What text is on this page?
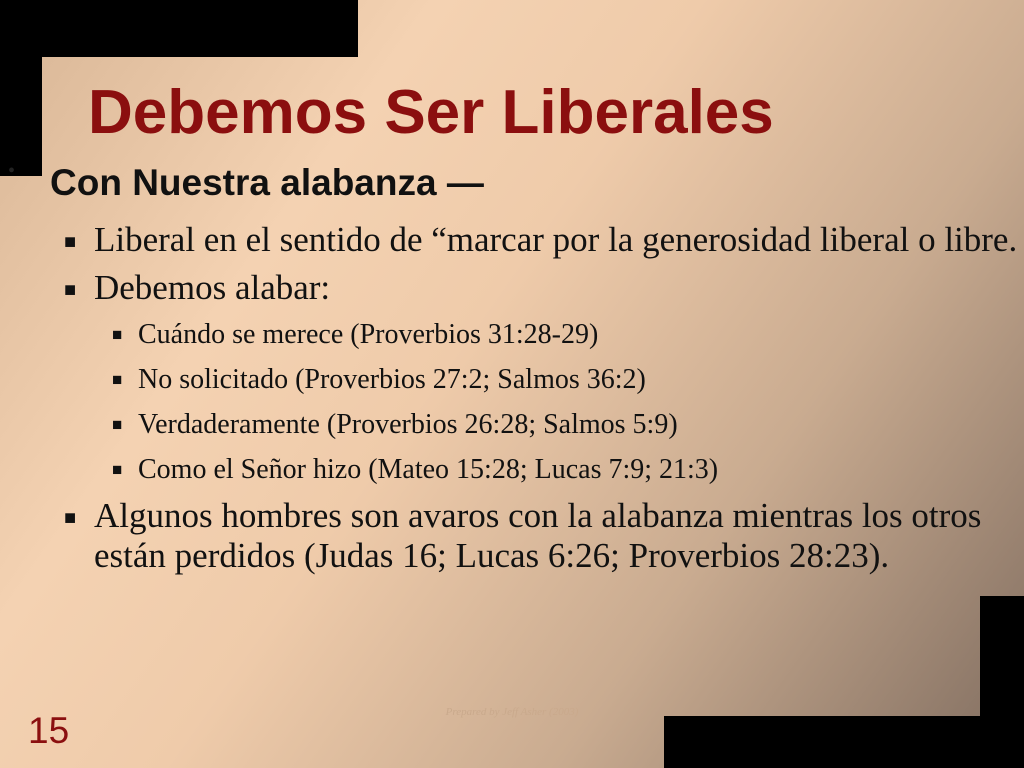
Debemos Ser Liberales
• Con Nuestra alabanza —
■ Liberal en el sentido de “marcar por la generosidad liberal o libre.
■ Debemos alabar:
■ Cuándo se merece (Proverbios 31:28-29)
■ No solicitado (Proverbios 27:2; Salmos 36:2)
■ Verdaderamente (Proverbios 26:28; Salmos 5:9)
■ Como el Señor hizo (Mateo 15:28; Lucas 7:9; 21:3)
■ Algunos hombres son avaros con la alabanza mientras los otros están perdidos (Judas 16; Lucas 6:26; Proverbios 28:23).
Prepared by Jeff Asher (2003)
15
